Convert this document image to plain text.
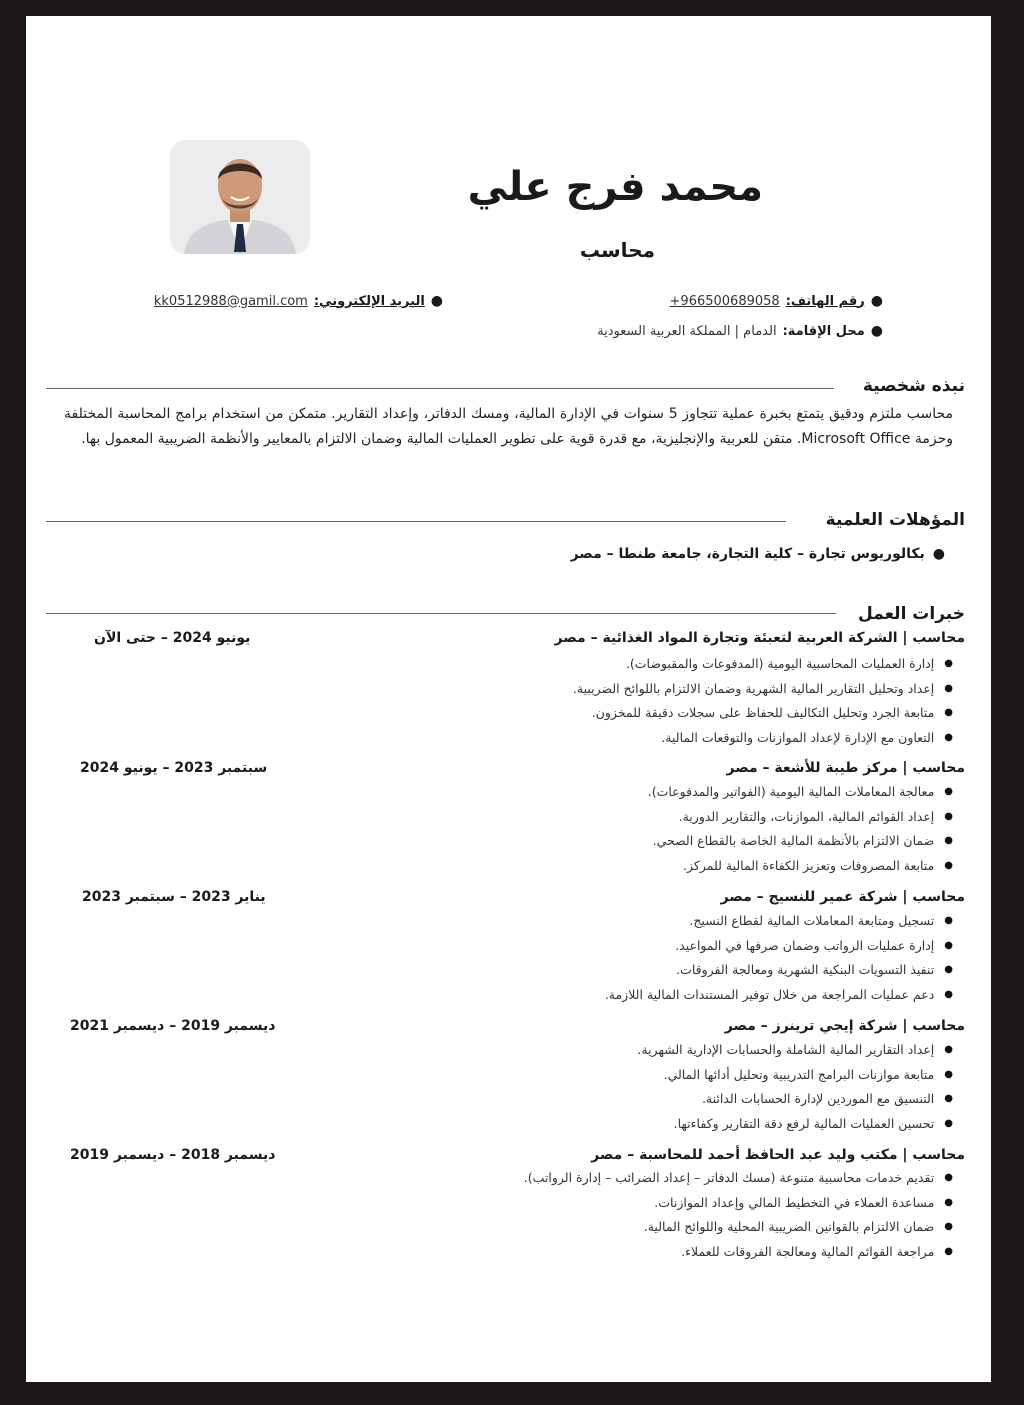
محمد فرج علي
محاسب
●
رقم الهاتف:
+966500689058
●
محل الإقامة:
الدمام | المملكة العربية السعودية
●
البريد الإلكتروني:
kk0512988@gamil.com
نبذه شخصية
محاسب ملتزم ودقيق يتمتع بخبرة عملية تتجاوز 5 سنوات في الإدارة المالية، ومسك الدفاتر، وإعداد التقارير. متمكن من استخدام برامج المحاسبة المختلفة وحزمة Microsoft Office. متقن للعربية والإنجليزية، مع قدرة قوية على تطوير العمليات المالية وضمان الالتزام بالمعايير والأنظمة الضريبية المعمول بها.
المؤهلات العلمية
●
بكالوريوس تجارة – كلية التجارة، جامعة طنطا – مصر
خبرات العمل
محاسب | الشركة العربية لتعبئة وتجارة المواد الغذائية – مصر
يونيو 2024 – حتى الآن
●
إدارة العمليات المحاسبية اليومية (المدفوعات والمقبوضات).
●
إعداد وتحليل التقارير المالية الشهرية وضمان الالتزام باللوائح الضريبية.
●
متابعة الجرد وتحليل التكاليف للحفاظ على سجلات دقيقة للمخزون.
●
التعاون مع الإدارة لإعداد الموازنات والتوقعات المالية.
محاسب | مركز طيبة للأشعة – مصر
سبتمبر 2023 – يونيو 2024
●
معالجة المعاملات المالية اليومية (الفواتير والمدفوعات).
●
إعداد القوائم المالية، الموازنات، والتقارير الدورية.
●
ضمان الالتزام بالأنظمة المالية الخاصة بالقطاع الصحي.
●
متابعة المصروفات وتعزيز الكفاءة المالية للمركز.
محاسب | شركة عمير للنسيج – مصر
يناير 2023 – سبتمبر 2023
●
تسجيل ومتابعة المعاملات المالية لقطاع النسيج.
●
إدارة عمليات الرواتب وضمان صرفها في المواعيد.
●
تنفيذ التسويات البنكية الشهرية ومعالجة الفروقات.
●
دعم عمليات المراجعة من خلال توفير المستندات المالية اللازمة.
محاسب | شركة إيجي ترينرز – مصر
ديسمبر 2019 – ديسمبر 2021
●
إعداد التقارير المالية الشاملة والحسابات الإدارية الشهرية.
●
متابعة موازنات البرامج التدريبية وتحليل أدائها المالي.
●
التنسيق مع الموردين لإدارة الحسابات الدائنة.
●
تحسين العمليات المالية لرفع دقة التقارير وكفاءتها.
محاسب | مكتب وليد عبد الحافظ أحمد للمحاسبة – مصر
ديسمبر 2018 – ديسمبر 2019
●
تقديم خدمات محاسبية متنوعة (مسك الدفاتر – إعداد الضرائب – إدارة الرواتب).
●
مساعدة العملاء في التخطيط المالي وإعداد الموازنات.
●
ضمان الالتزام بالقوانين الضريبية المحلية واللوائح المالية.
●
مراجعة القوائم المالية ومعالجة الفروقات للعملاء.
